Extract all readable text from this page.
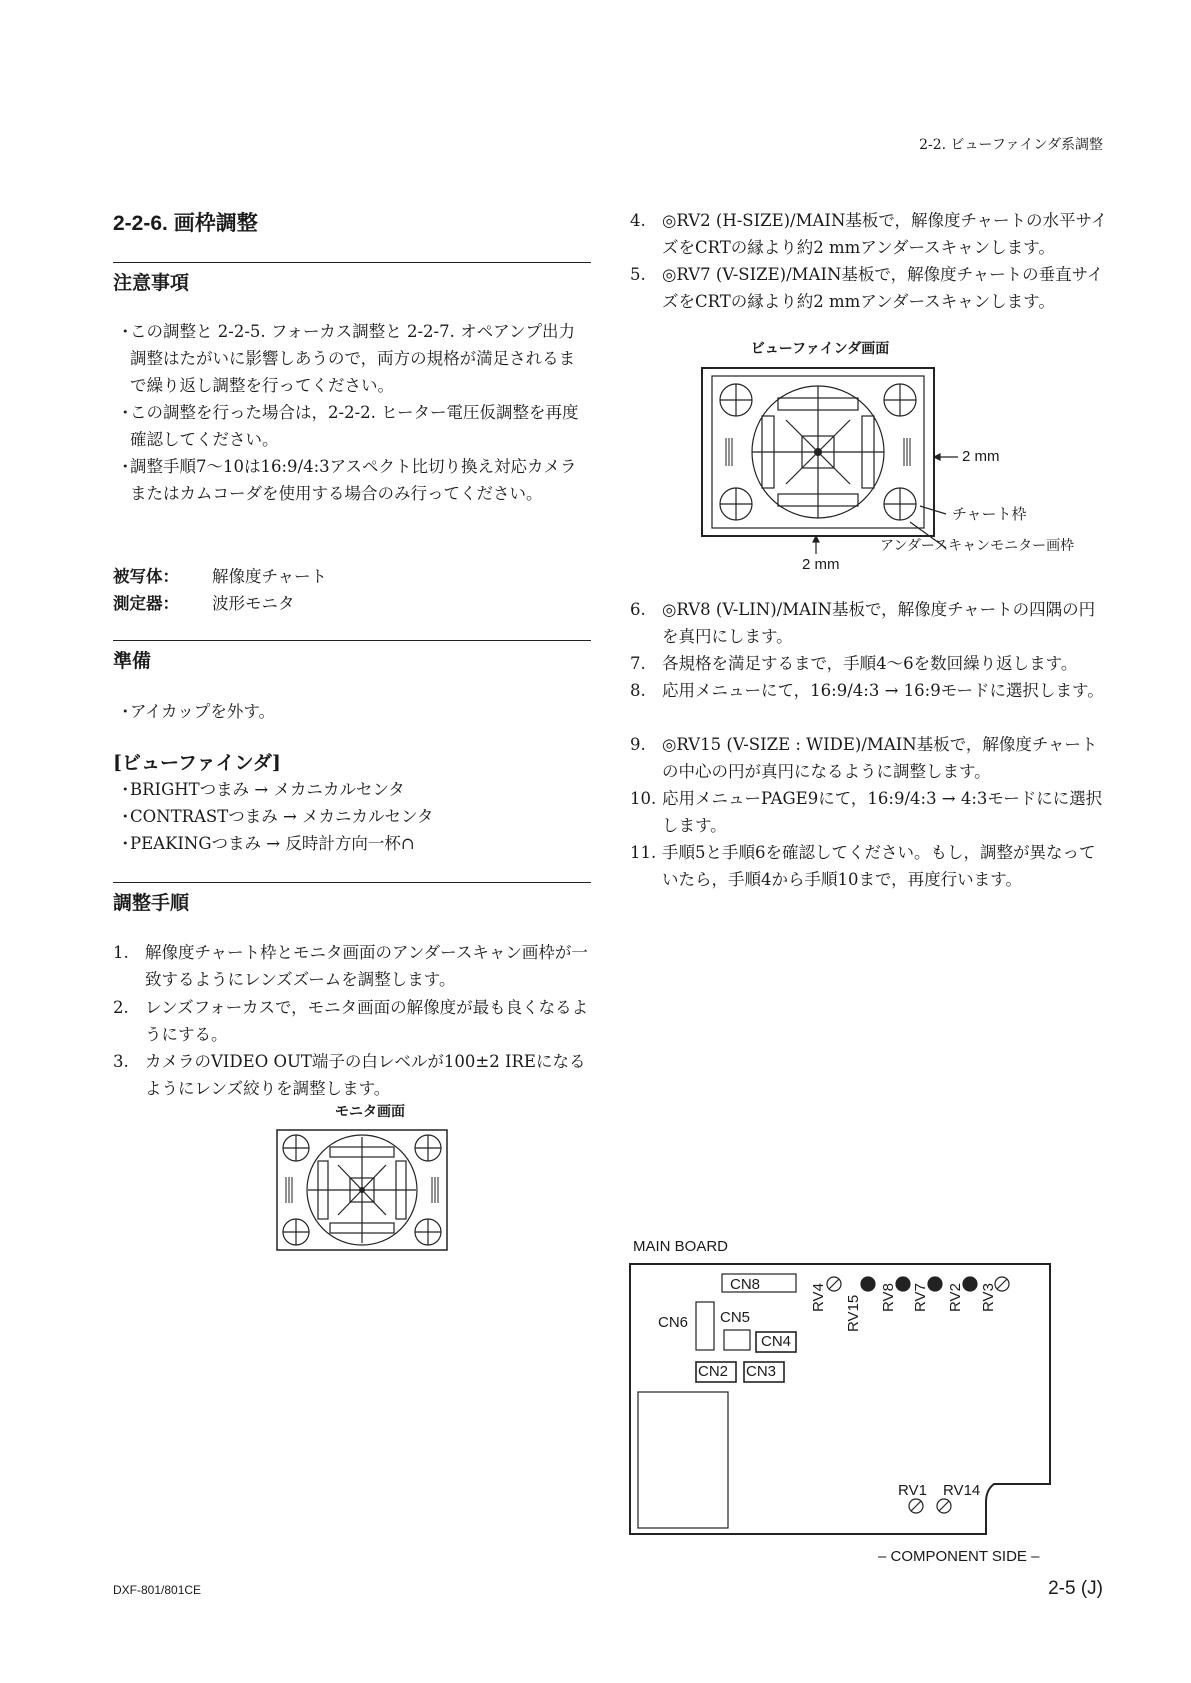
2-2. ビューファインダ系調整
2-2-6. 画枠調整
注意事項
・
この調整と 2-2-5. フォーカス調整と 2-2-7. オペアンプ出力調整はたがいに影響しあうので，両方の規格が満足されるまで繰り返し調整を行ってください。
・
この調整を行った場合は，2-2-2. ヒーター電圧仮調整を再度確認してください。
・
調整手順7～10は16:9/4:3アスペクト比切り換え対応カメラまたはカムコーダを使用する場合のみ行ってください。
被写体： 解像度チャート
測定器： 波形モニタ
準備
・
アイカップを外す。
[ビューファインダ]
・
BRIGHTつまみ → メカニカルセンタ
・
CONTRASTつまみ → メカニカルセンタ
・
PEAKINGつまみ → 反時計方向一杯∩
調整手順
1. 解像度チャート枠とモニタ画面のアンダースキャン画枠が一致するようにレンズズームを調整します。
2. レンズフォーカスで，モニタ画面の解像度が最も良くなるようにする。
3. カメラのVIDEO OUT端子の白レベルが100±2 IREになるようにレンズ絞りを調整します。
モニタ画面
4. ◎RV2 (H-SIZE)/MAIN基板で，解像度チャートの水平サイズをCRTの縁より約2 mmアンダースキャンします。
5. ◎RV7 (V-SIZE)/MAIN基板で，解像度チャートの垂直サイズをCRTの縁より約2 mmアンダースキャンします。
ビューファインダ画面
2 mm
2 mm
チャート枠
アンダースキャンモニター画枠
6. ◎RV8 (V-LIN)/MAIN基板で，解像度チャートの四隅の円を真円にします。
7. 各規格を満足するまで，手順4～6を数回繰り返します。
8. 応用メニューにて，16:9/4:3 → 16:9モードに選択します。
9. ◎RV15 (V-SIZE : WIDE)/MAIN基板で，解像度チャートの中心の円が真円になるように調整します。
10. 応用メニューPAGE9にて，16:9/4:3 → 4:3モードにに選択します。
11. 手順5と手順6を確認してください。もし，調整が異なっていたら，手順4から手順10まで，再度行います。
MAIN BOARD
CN8
CN6 CN5
CN4
CN2 CN3
RV4 RV15 RV8 RV7 RV2 RV3
RV1 RV14
– COMPONENT SIDE –
DXF-801/801CE	2-5 (J)
